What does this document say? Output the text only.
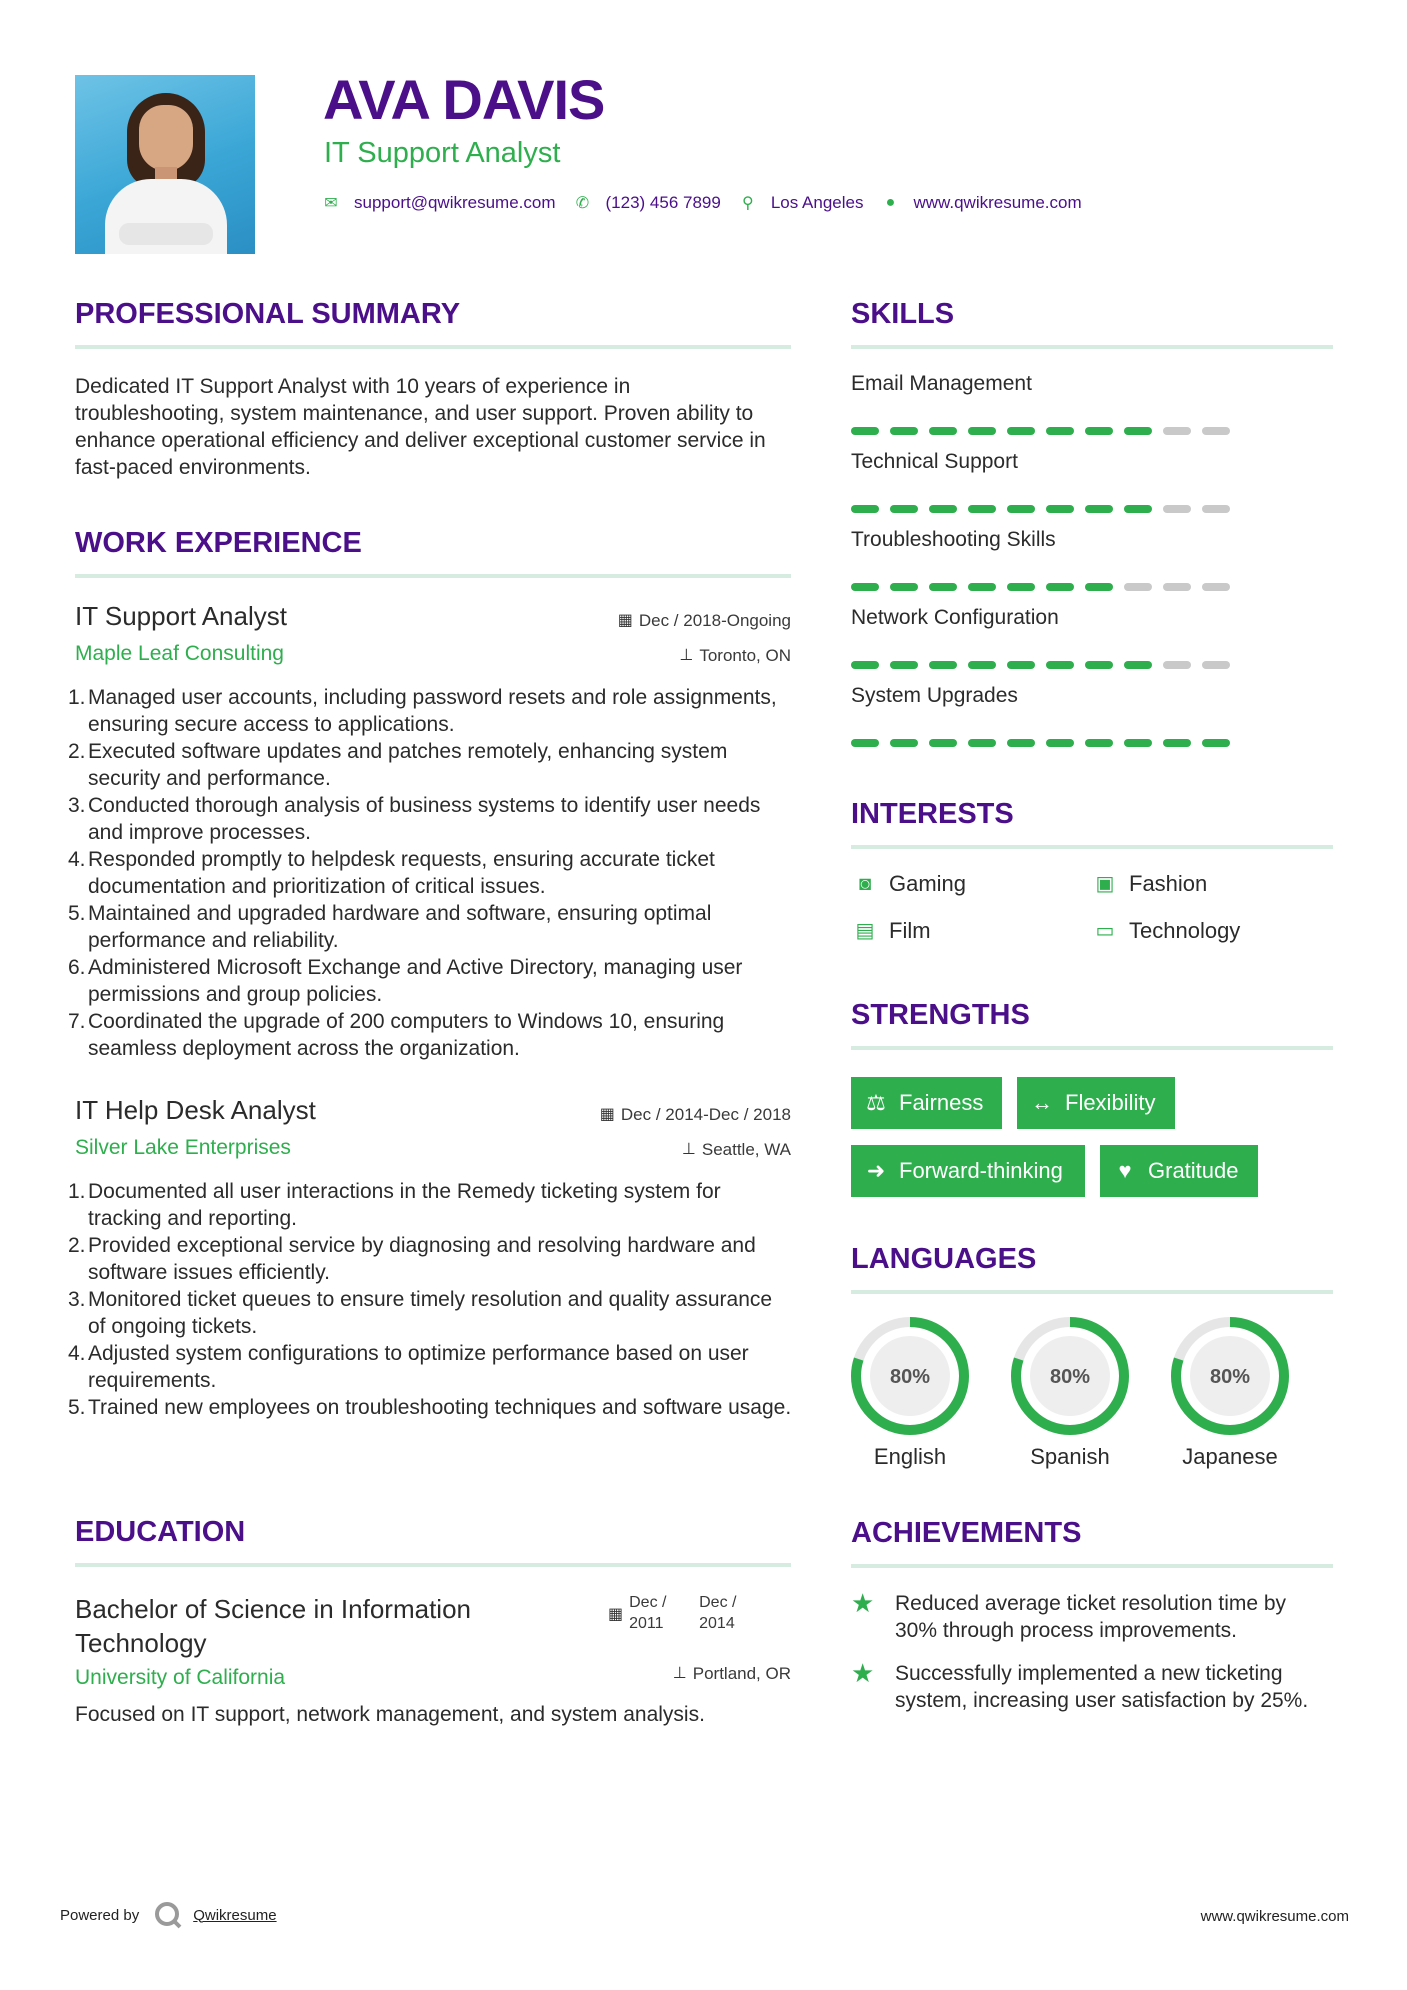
AVA DAVIS
IT Support Analyst
✉ support@qwikresume.com ✆ (123) 456 7899 ⚲ Los Angeles ● www.qwikresume.com
PROFESSIONAL SUMMARY
Dedicated IT Support Analyst with 10 years of experience in troubleshooting, system maintenance, and user support. Proven ability to enhance operational efficiency and deliver exceptional customer service in fast-paced environments.
WORK EXPERIENCE
IT Support Analyst	▦ Dec / 2018-Ongoing
Maple Leaf Consulting	⊥ Toronto, ON
1. Managed user accounts, including password resets and role assignments, ensuring secure access to applications.
2. Executed software updates and patches remotely, enhancing system security and performance.
3. Conducted thorough analysis of business systems to identify user needs and improve processes.
4. Responded promptly to helpdesk requests, ensuring accurate ticket documentation and prioritization of critical issues.
5. Maintained and upgraded hardware and software, ensuring optimal performance and reliability.
6. Administered Microsoft Exchange and Active Directory, managing user permissions and group policies.
7. Coordinated the upgrade of 200 computers to Windows 10, ensuring seamless deployment across the organization.
IT Help Desk Analyst	▦ Dec / 2014-Dec / 2018
Silver Lake Enterprises	⊥ Seattle, WA
1. Documented all user interactions in the Remedy ticketing system for tracking and reporting.
2. Provided exceptional service by diagnosing and resolving hardware and software issues efficiently.
3. Monitored ticket queues to ensure timely resolution and quality assurance of ongoing tickets.
4. Adjusted system configurations to optimize performance based on user requirements.
5. Trained new employees on troubleshooting techniques and software usage.
EDUCATION
Bachelor of Science in Information Technology
▦
Dec / 2011
Dec / 2014
University of California	⊥ Portland, OR
Focused on IT support, network management, and system analysis.
SKILLS
Email Management
Technical Support
Troubleshooting Skills
Network Configuration
System Upgrades
INTERESTS
◙ Gaming	▣ Fashion
▤ Film	▭ Technology
STRENGTHS
⚖ Fairness ↔ Flexibility
➜ Forward-thinking	♥ Gratitude
LANGUAGES
80%
English
80%
Spanish
80%
Japanese
ACHIEVEMENTS
★ Reduced average ticket resolution time by 30% through process improvements.
★ Successfully implemented a new ticketing system, increasing user satisfaction by 25%.
Powered by	Qwikresume	www.qwikresume.com
